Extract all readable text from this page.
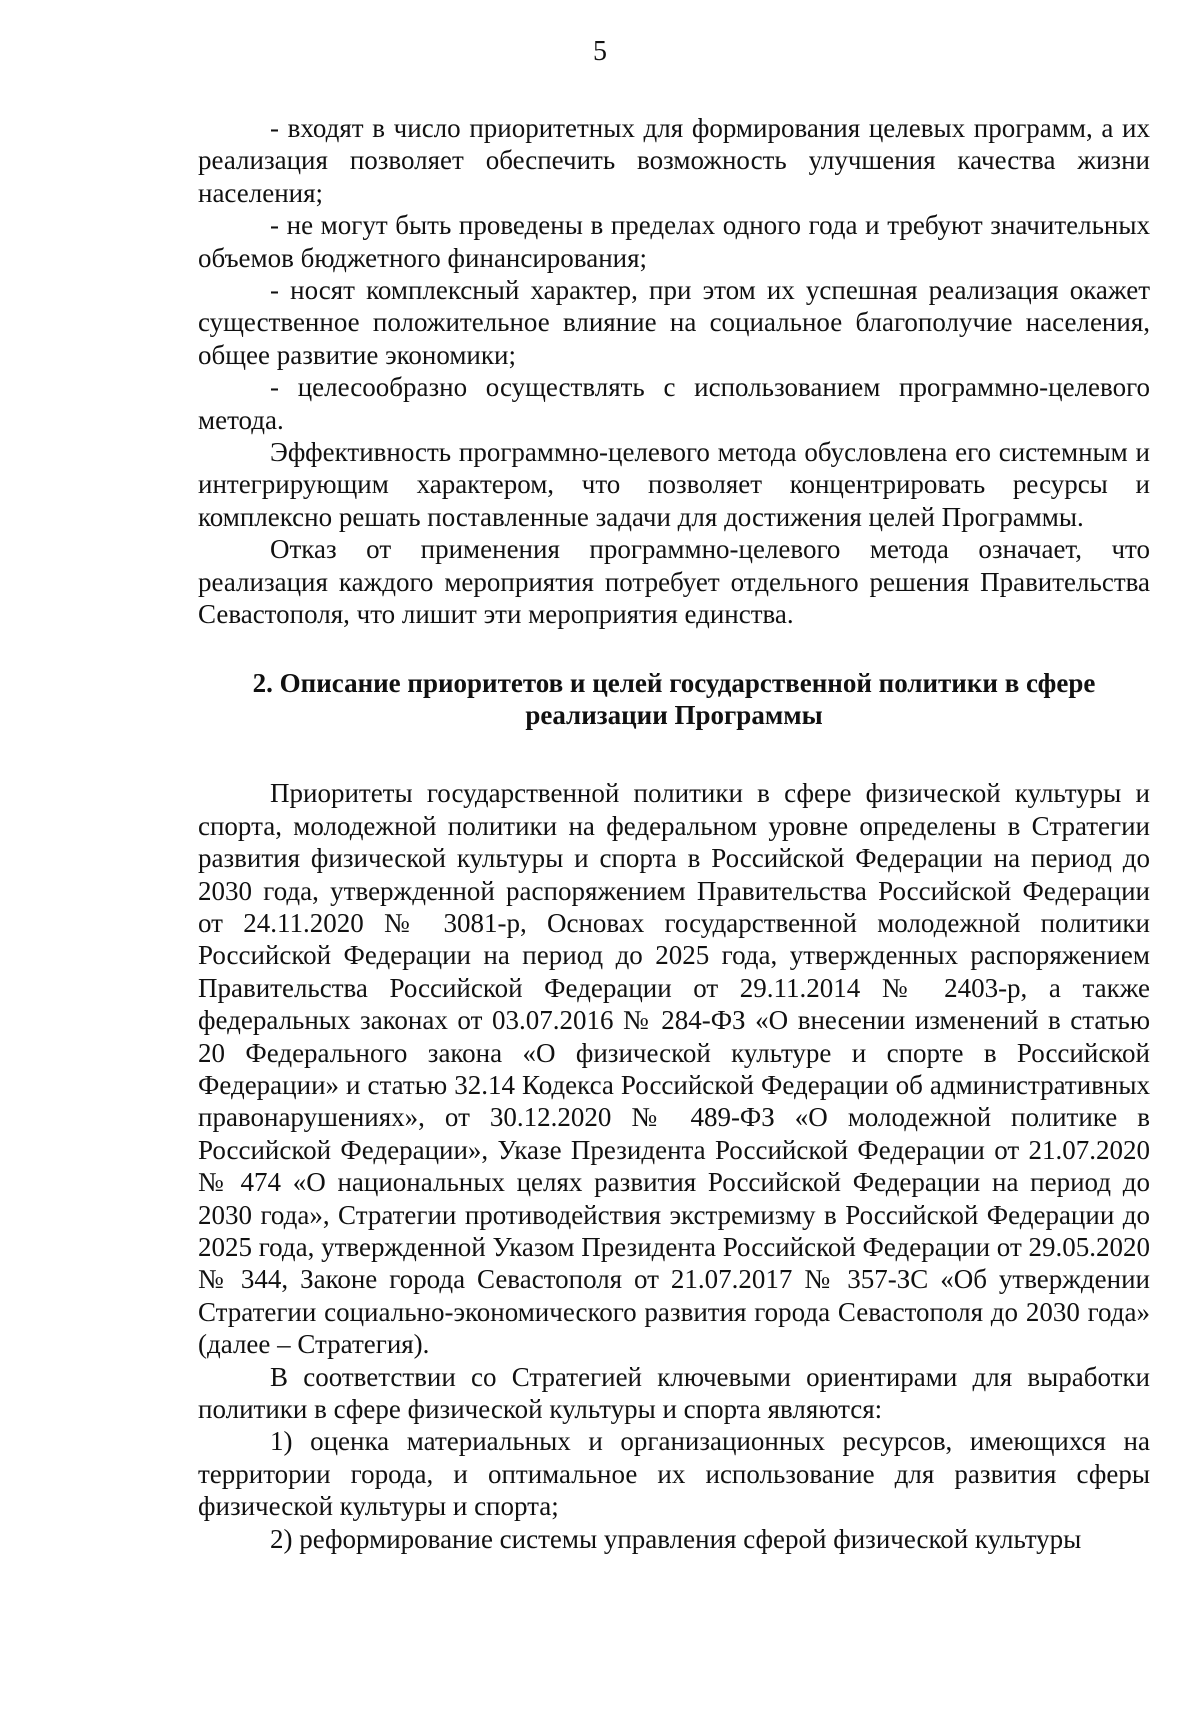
5

- входят в число приоритетных для формирования целевых программ, а их реализация позволяет обеспечить возможность улучшения качества жизни населения;

- не могут быть проведены в пределах одного года и требуют значительных объемов бюджетного финансирования;

- носят комплексный характер, при этом их успешная реализация окажет существенное положительное влияние на социальное благополучие населения, общее развитие экономики;

- целесообразно осуществлять с использованием программно-целевого метода.

Эффективность программно-целевого метода обусловлена его системным и интегрирующим характером, что позволяет концентрировать ресурсы и комплексно решать поставленные задачи для достижения целей Программы.

Отказ от применения программно-целевого метода означает, что реализация каждого мероприятия потребует отдельного решения Правительства Севастополя, что лишит эти мероприятия единства.

2. Описание приоритетов и целей государственной политики в сфере реализации Программы

Приоритеты государственной политики в сфере физической культуры и спорта, молодежной политики на федеральном уровне определены в Стратегии развития физической культуры и спорта в Российской Федерации на период до 2030 года, утвержденной распоряжением Правительства Российской Федерации от 24.11.2020 № 3081-р, Основах государственной молодежной политики Российской Федерации на период до 2025 года, утвержденных распоряжением Правительства Российской Федерации от 29.11.2014 № 2403-р, а также федеральных законах от 03.07.2016 № 284-ФЗ «О внесении изменений в статью 20 Федерального закона «О физической культуре и спорте в Российской Федерации» и статью 32.14 Кодекса Российской Федерации об административных правонарушениях», от 30.12.2020 № 489-ФЗ «О молодежной политике в Российской Федерации», Указе Президента Российской Федерации от 21.07.2020 № 474 «О национальных целях развития Российской Федерации на период до 2030 года», Стратегии противодействия экстремизму в Российской Федерации до 2025 года, утвержденной Указом Президента Российской Федерации от 29.05.2020 № 344, Законе города Севастополя от 21.07.2017 № 357-ЗС «Об утверждении Стратегии социально-экономического развития города Севастополя до 2030 года» (далее – Стратегия).

В соответствии со Стратегией ключевыми ориентирами для выработки политики в сфере физической культуры и спорта являются:

1) оценка материальных и организационных ресурсов, имеющихся на территории города, и оптимальное их использование для развития сферы физической культуры и спорта;

2) реформирование системы управления сферой физической культуры
